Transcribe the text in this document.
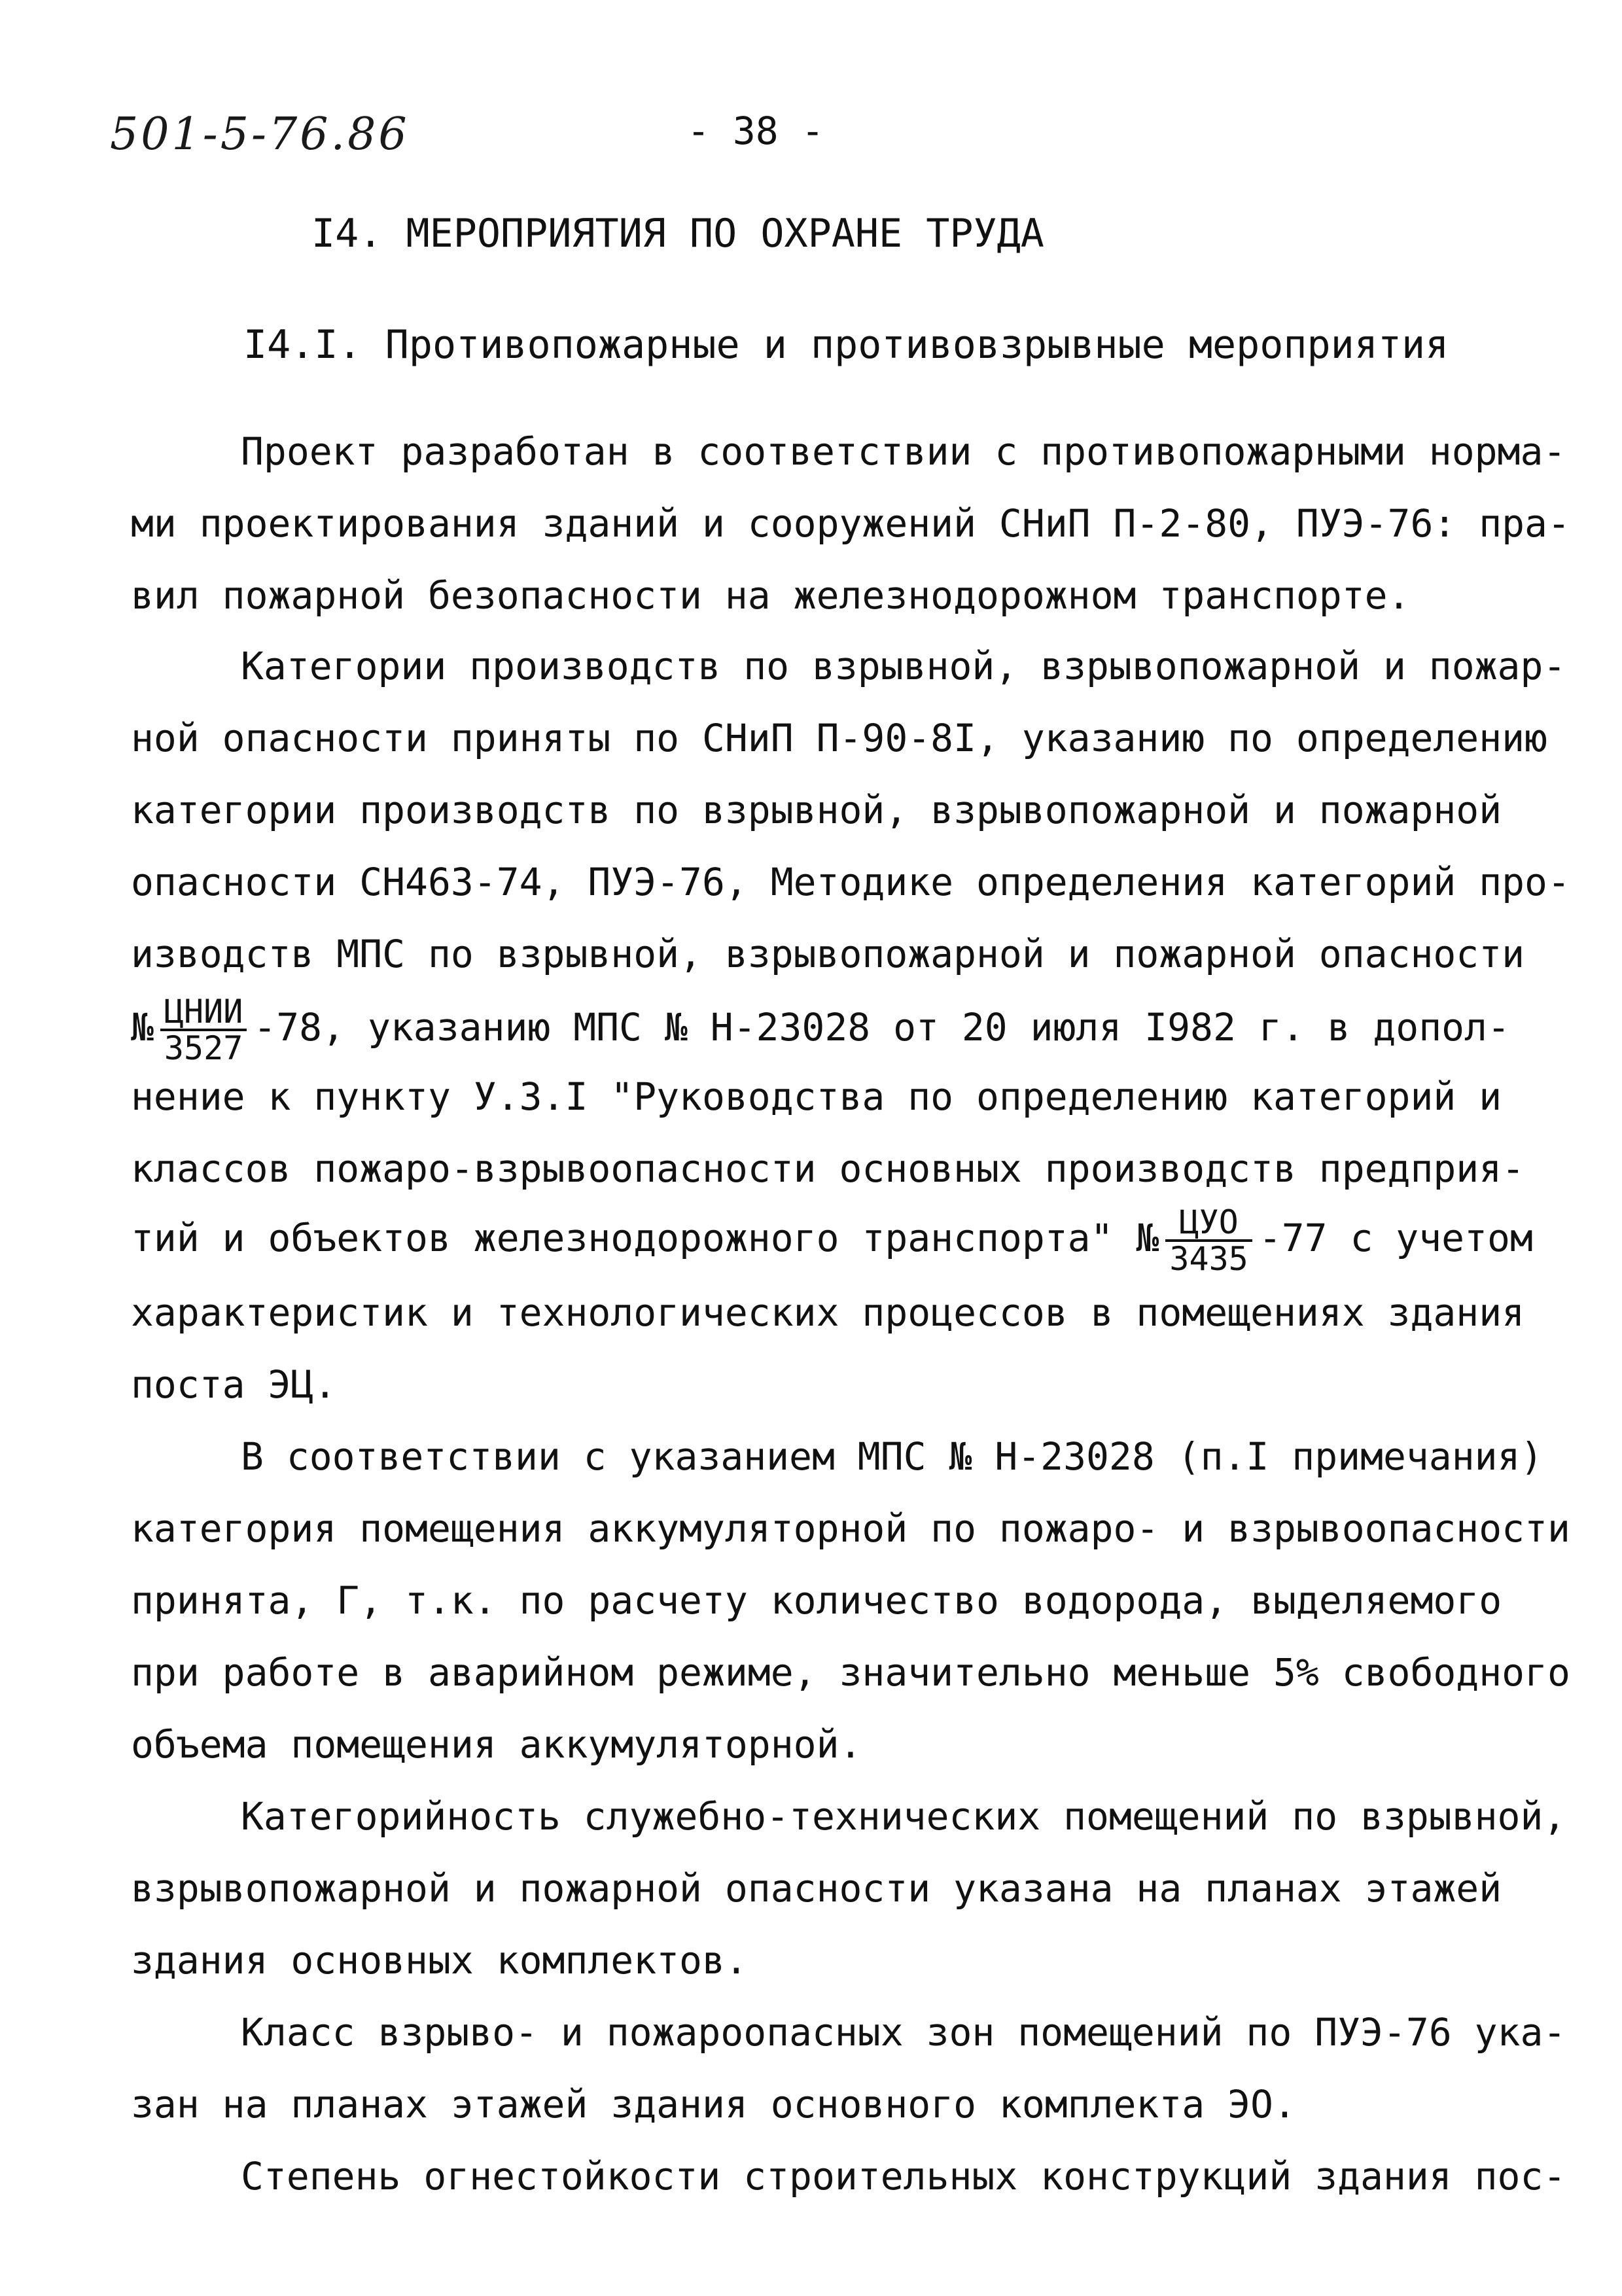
501-5-76.86	- 38 -
I4. МЕРОПРИЯТИЯ ПО ОХРАНЕ ТРУДА
I4.I. Противопожарные и противовзрывные мероприятия
Проект разработан в соответствии с противопожарными норма-
ми проектирования зданий и сооружений СНиП П-2-80, ПУЭ-76: пра-
вил пожарной безопасности на железнодорожном транспорте.
Категории производств по взрывной, взрывопожарной и пожар-
ной опасности приняты по СНиП П-90-8I, указанию по определению
категории производств по взрывной, взрывопожарной и пожарной
опасности СН463-74, ПУЭ-76, Методике определения категорий про-
изводств МПС по взрывной, взрывопожарной и пожарной опасности
№ $\frac{\text{ЦНИИ}}{3527} -78$, указанию МПС № Н-23028 от 20 июля I982 г. в допол-
нение к пункту У.3.I "Руководства по определению категорий и
классов пожаро-взрывоопасности основных производств предприя-
тий и объектов железнодорожного транспорта" № $\frac{\text{ЦУО}}{3435} -77$ с учетом
характеристик и технологических процессов в помещениях здания
поста ЭЦ.
В соответствии с указанием МПС № Н-23028 (п.I примечания)
категория помещения аккумуляторной по пожаро- и взрывоопасности
принята, Г, т.к. по расчету количество водорода, выделяемого
при работе в аварийном режиме, значительно меньше 5% свободного
объема помещения аккумуляторной.
Категорийность служебно-технических помещений по взрывной,
взрывопожарной и пожарной опасности указана на планах этажей
здания основных комплектов.
Класс взрыво- и пожароопасных зон помещений по ПУЭ-76 ука-
зан на планах этажей здания основного комплекта ЭО.
Степень огнестойкости строительных конструкций здания пос-
